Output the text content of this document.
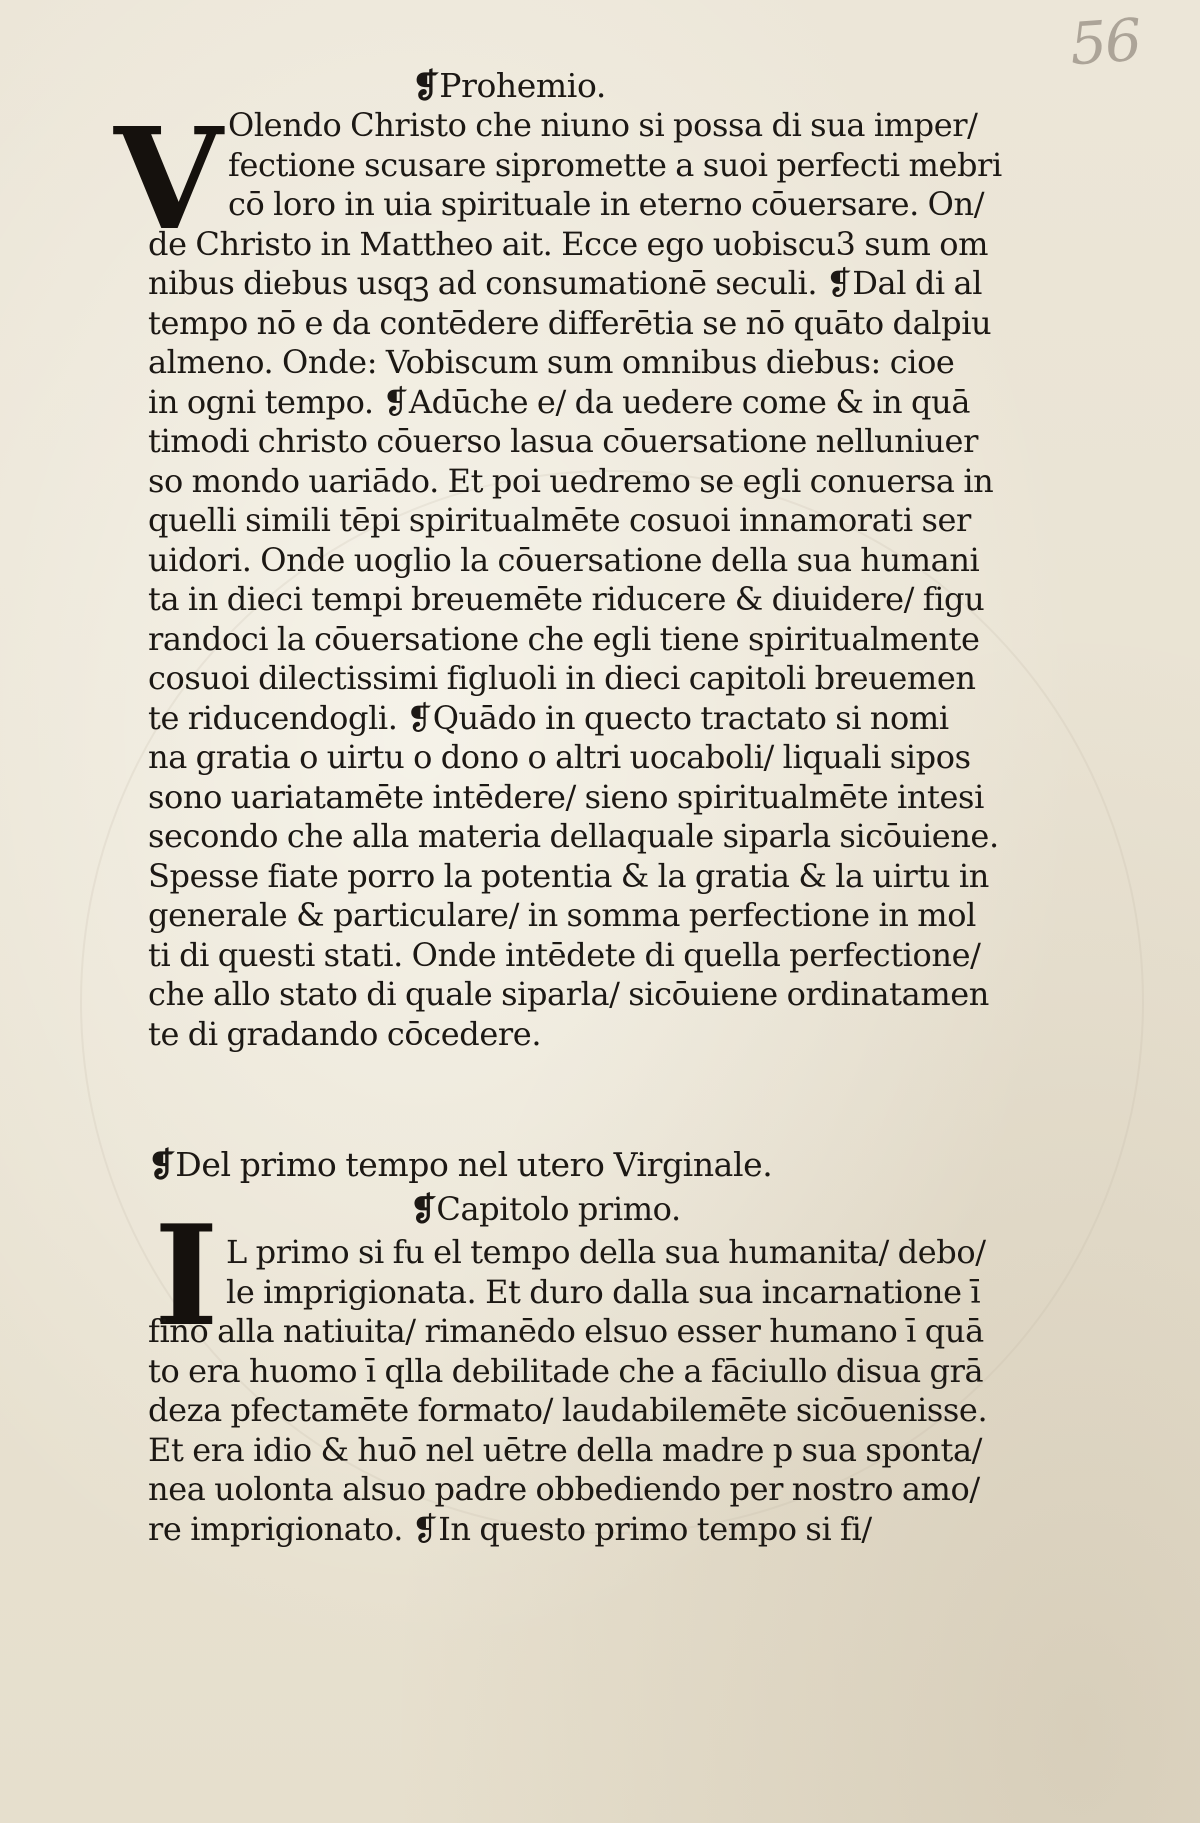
56
❡Prohemio.
V Olendo Christo che niuno si possa di sua imper/
fectione scusare sipromette a suoi perfecti mebri
cō loro in uia spirituale in eterno cōuersare. On/
de Christo in Mattheo ait. Ecce ego uobiscu3 sum om
nibus diebus usqꝫ ad consumationē seculi. ❡Dal di al
tempo nō e da contēdere differētia se nō quāto dalpiu
almeno. Onde: Vobiscum sum omnibus diebus: cioe
in ogni tempo. ❡Adūche e/ da uedere come & in quā
timodi christo cōuerso lasua cōuersatione nelluniuer
so mondo uariādo. Et poi uedremo se egli conuersa in
quelli simili tēpi spiritualmēte cosuoi innamorati ser
uidori. Onde uoglio la cōuersatione della sua humani
ta in dieci tempi breuemēte riducere & diuidere/ figu
randoci la cōuersatione che egli tiene spiritualmente
cosuoi dilectissimi figluoli in dieci capitoli breuemen
te riducendogli. ❡Quādo in quecto tractato si nomi
na gratia o uirtu o dono o altri uocaboli/ liquali sipos
sono uariatamēte intēdere/ sieno spiritualmēte intesi
secondo che alla materia dellaquale siparla sicōuiene.
Spesse fiate porro la potentia & la gratia & la uirtu in
generale & particulare/ in somma perfectione in mol
ti di questi stati. Onde intēdete di quella perfectione/
che allo stato di quale siparla/ sicōuiene ordinatamen
te di gradando cōcedere.
❡Del primo tempo nel utero Virginale.
❡Capitolo primo.
I L primo si fu el tempo della sua humanita/ debo/
le imprigionata. Et duro dalla sua incarnatione ī
fino alla natiuita/ rimanēdo elsuo esser humano ī quā
to era huomo ī qlla debilitade che a fāciullo disua grā
deza pfectamēte formato/ laudabilemēte sicōuenisse.
Et era idio & huō nel uētre della madre p sua sponta/
nea uolonta alsuo padre obbediendo per nostro amo/
re imprigionato. ❡In questo primo tempo si fi/
